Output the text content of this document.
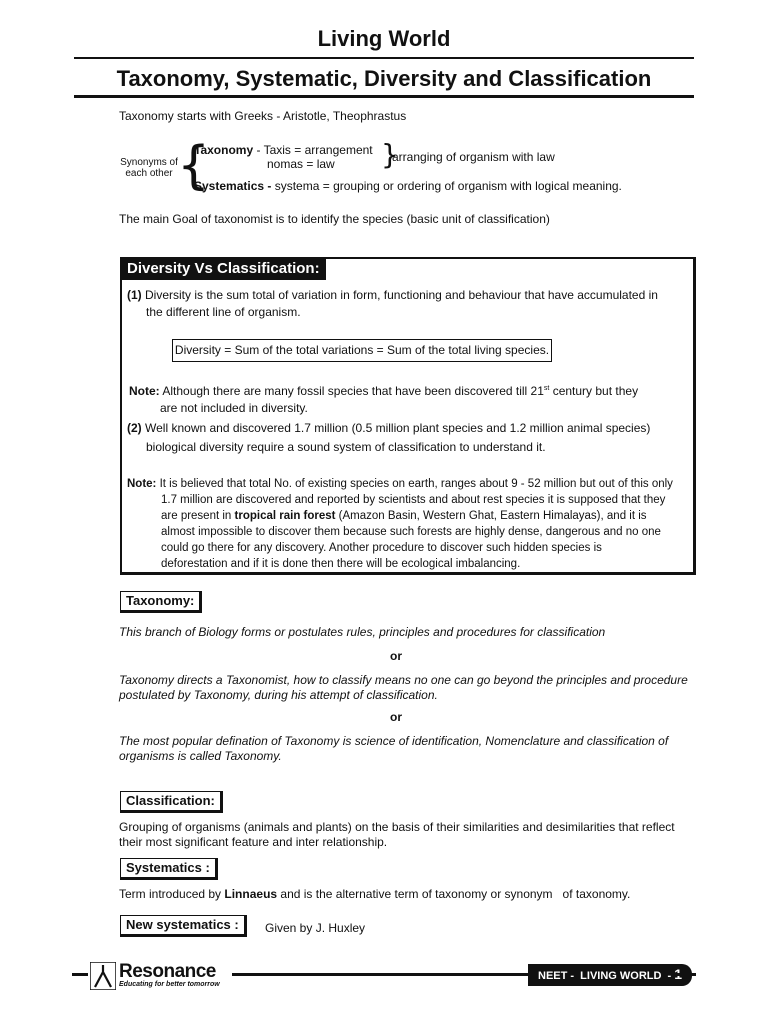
Living World
Taxonomy, Systematic, Diversity and Classification
Taxonomy starts with Greeks - Aristotle, Theophrastus
Synonyms of each other {
Taxonomy - Taxis = arrangement
nomas = law }
arranging of organism with law
Systematics - systema = grouping or ordering of organism with logical meaning.
The main Goal of taxonomist is to identify the species (basic unit of classification)
Diversity Vs Classification:
(1) Diversity is the sum total of variation in form, functioning and behaviour that have accumulated in
the different line of organism.
Diversity = Sum of the total variations = Sum of the total living species.
Note: Although there are many fossil species that have been discovered till 21st century but they
are not included in diversity.
(2) Well known and discovered 1.7 million (0.5 million plant species and 1.2 million animal species)
biological diversity require a sound system of classification to understand it.
Note: It is believed that total No. of existing species on earth, ranges about 9 - 52 million but out of this only
1.7 million are discovered and reported by scientists and about rest species it is supposed that they
are present in tropical rain forest (Amazon Basin, Western Ghat, Eastern Himalayas), and it is
almost impossible to discover them because such forests are highly dense, dangerous and no one
could go there for any discovery. Another procedure to discover such hidden species is
deforestation and if it is done then there will be ecological imbalancing.
Taxonomy:
This branch of Biology forms or postulates rules, principles and procedures for classification
or
Taxonomy directs a Taxonomist, how to classify means no one can go beyond the principles and procedure postulated by Taxonomy, during his attempt of classification.
or
The most popular defination of Taxonomy is science of identification, Nomenclature and classification of organisms is called Taxonomy.
Classification:
Grouping of organisms (animals and plants) on the basis of their similarities and desimilarities that reflect their most significant feature and inter relationship.
Systematics :
Term introduced by Linnaeus and is the alternative term of taxonomy or synonym   of taxonomy.
New systematics :	Given by J. Huxley
Resonance
Educating for better tomorrow
NEET -  LIVING WORLD  -
